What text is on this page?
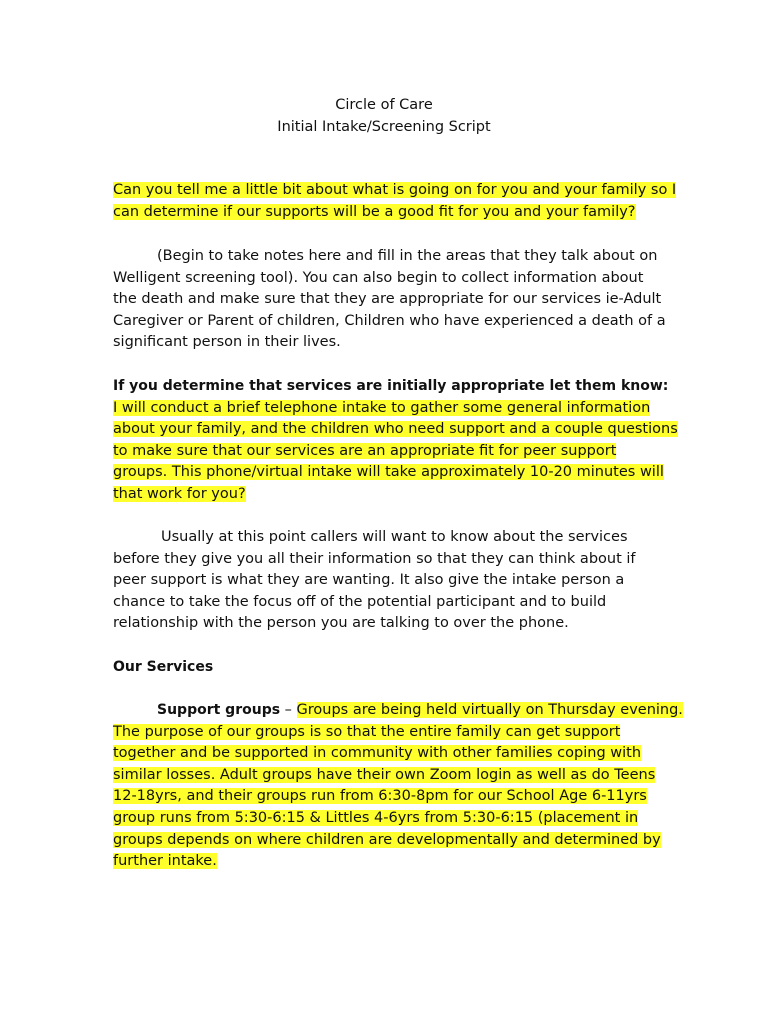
Circle of Care
Initial Intake/Screening Script
Can you tell me a little bit about what is going on for you and your family so I
can determine if our supports will be a good fit for you and your family?
(Begin to take notes here and fill in the areas that they talk about on
Welligent screening tool). You can also begin to collect information about
the death and make sure that they are appropriate for our services ie-Adult
Caregiver or Parent of children, Children who have experienced a death of a
significant person in their lives.
If you determine that services are initially appropriate let them know:
I will conduct a brief telephone intake to gather some general information
about your family, and the children who need support and a couple questions
to make sure that our services are an appropriate fit for peer support
groups. This phone/virtual intake will take approximately 10-20 minutes will
that work for you?
Usually at this point callers will want to know about the services
before they give you all their information so that they can think about if
peer support is what they are wanting. It also give the intake person a
chance to take the focus off of the potential participant and to build
relationship with the person you are talking to over the phone.
Our Services
Support groups – Groups are being held virtually on Thursday evening.
The purpose of our groups is so that the entire family can get support
together and be supported in community with other families coping with
similar losses. Adult groups have their own Zoom login as well as do Teens
12-18yrs, and their groups run from 6:30-8pm for our School Age 6-11yrs
group runs from 5:30-6:15 & Littles 4-6yrs from 5:30-6:15 (placement in
groups depends on where children are developmentally and determined by
further intake.
